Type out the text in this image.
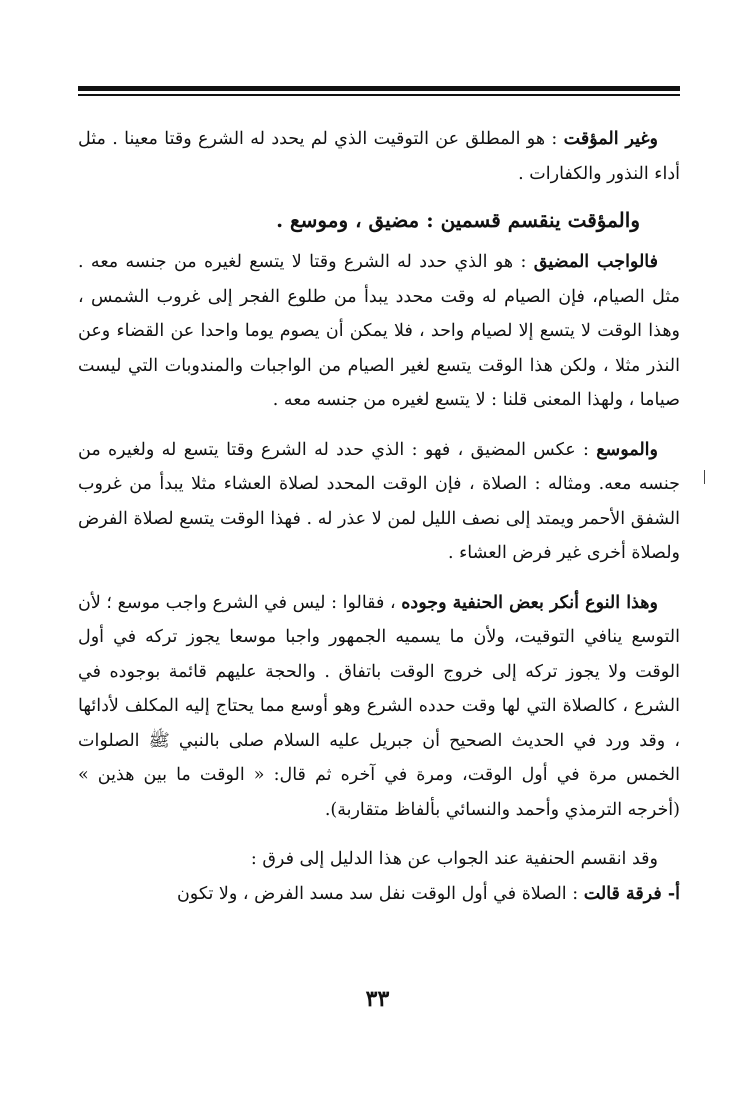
وغير المؤقت : هو المطلق عن التوقيت الذي لم يحدد له الشرع وقتا معينا . مثل أداء النذور والكفارات .

والمؤقت ينقسم قسمين : مضيق ، وموسع .

فالواجب المضيق : هو الذي حدد له الشرع وقتا لا يتسع لغيره من جنسه معه . مثل الصيام، فإن الصيام له وقت محدد يبدأ من طلوع الفجر إلى غروب الشمس ، وهذا الوقت لا يتسع إلا لصيام واحد ، فلا يمكن أن يصوم يوما واحدا عن القضاء وعن النذر مثلا ، ولكن هذا الوقت يتسع لغير الصيام من الواجبات والمندوبات التي ليست صياما ، ولهذا المعنى قلنا : لا يتسع لغيره من جنسه معه .

والموسع : عكس المضيق ، فهو : الذي حدد له الشرع وقتا يتسع له ولغيره من جنسه معه. ومثاله : الصلاة ، فإن الوقت المحدد لصلاة العشاء مثلا يبدأ من غروب الشفق الأحمر ويمتد إلى نصف الليل لمن لا عذر له . فهذا الوقت يتسع لصلاة الفرض ولصلاة أخرى غير فرض العشاء .

وهذا النوع أنكر بعض الحنفية وجوده ، فقالوا : ليس في الشرع واجب موسع ؛ لأن التوسع ينافي التوقيت، ولأن ما يسميه الجمهور واجبا موسعا يجوز تركه في أول الوقت ولا يجوز تركه إلى خروج الوقت باتفاق . والحجة عليهم قائمة بوجوده في الشرع ، كالصلاة التي لها وقت حدده الشرع وهو أوسع مما يحتاج إليه المكلف لأدائها ، وقد ورد في الحديث الصحيح أن جبريل عليه السلام صلى بالنبي ﷺ الصلوات الخمس مرة في أول الوقت، ومرة في آخره ثم قال: « الوقت ما بين هذين » (أخرجه الترمذي وأحمد والنسائي بألفاظ متقاربة).

وقد انقسم الحنفية عند الجواب عن هذا الدليل إلى فرق :

أ- فرقة قالت : الصلاة في أول الوقت نفل سد مسد الفرض ، ولا تكون

٣٣
